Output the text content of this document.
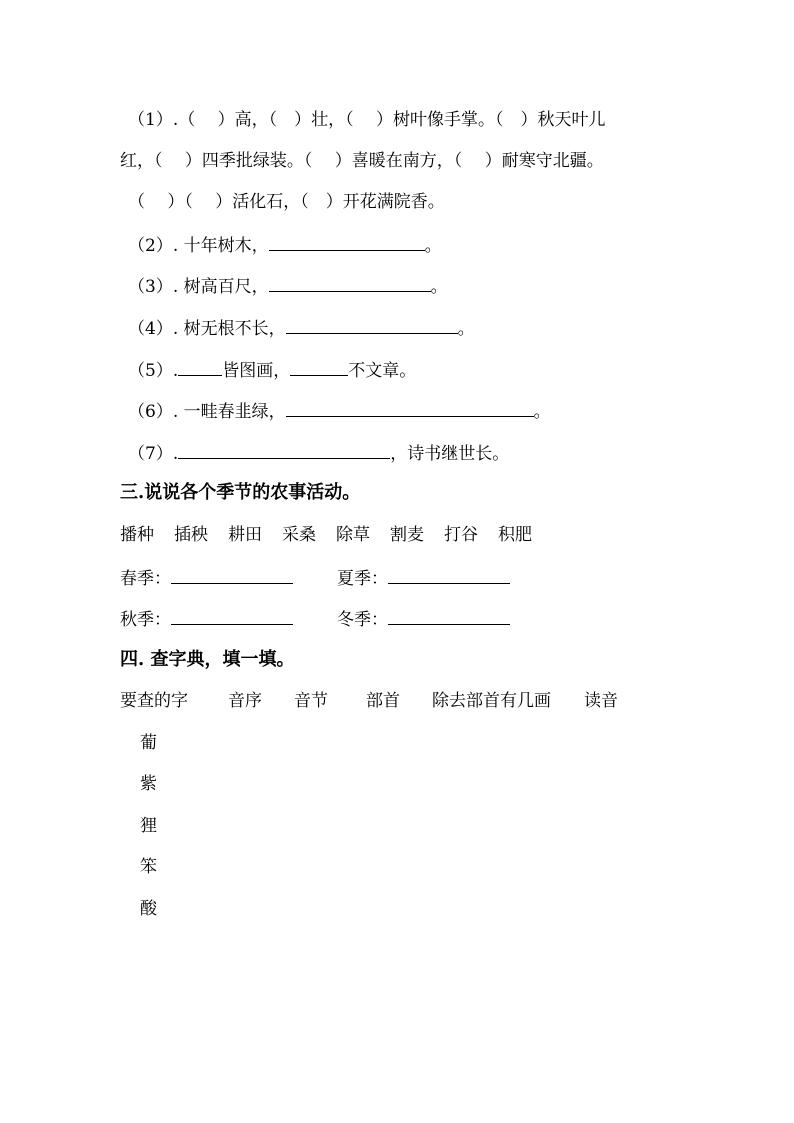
（1）.（　 ）高，（　）壮，（　 ）树叶像手掌。（　）秋天叶儿
红，（　 ）四季批绿装。（　 ）喜暖在南方，（　 ）耐寒守北疆。
（　 ）（　 ）活化石，（　）开花满院香。
（2）. 十年树木，	。
（3）. 树高百尺，	。
（4）. 树无根不长，	。
（5）.	皆图画，	不文章。
（6）. 一畦春韭绿，	。
（7）.	，诗书继世长。
三.说说各个季节的农事活动。
播种 插秧 耕田 采桑 除草 割麦 打谷 积肥
春季：	夏季：
秋季：	冬季：
四. 查字典，填一填。
要查的字 音序 音节 部首 除去部首有几画 读音
葡
紫
狸
笨
酸
